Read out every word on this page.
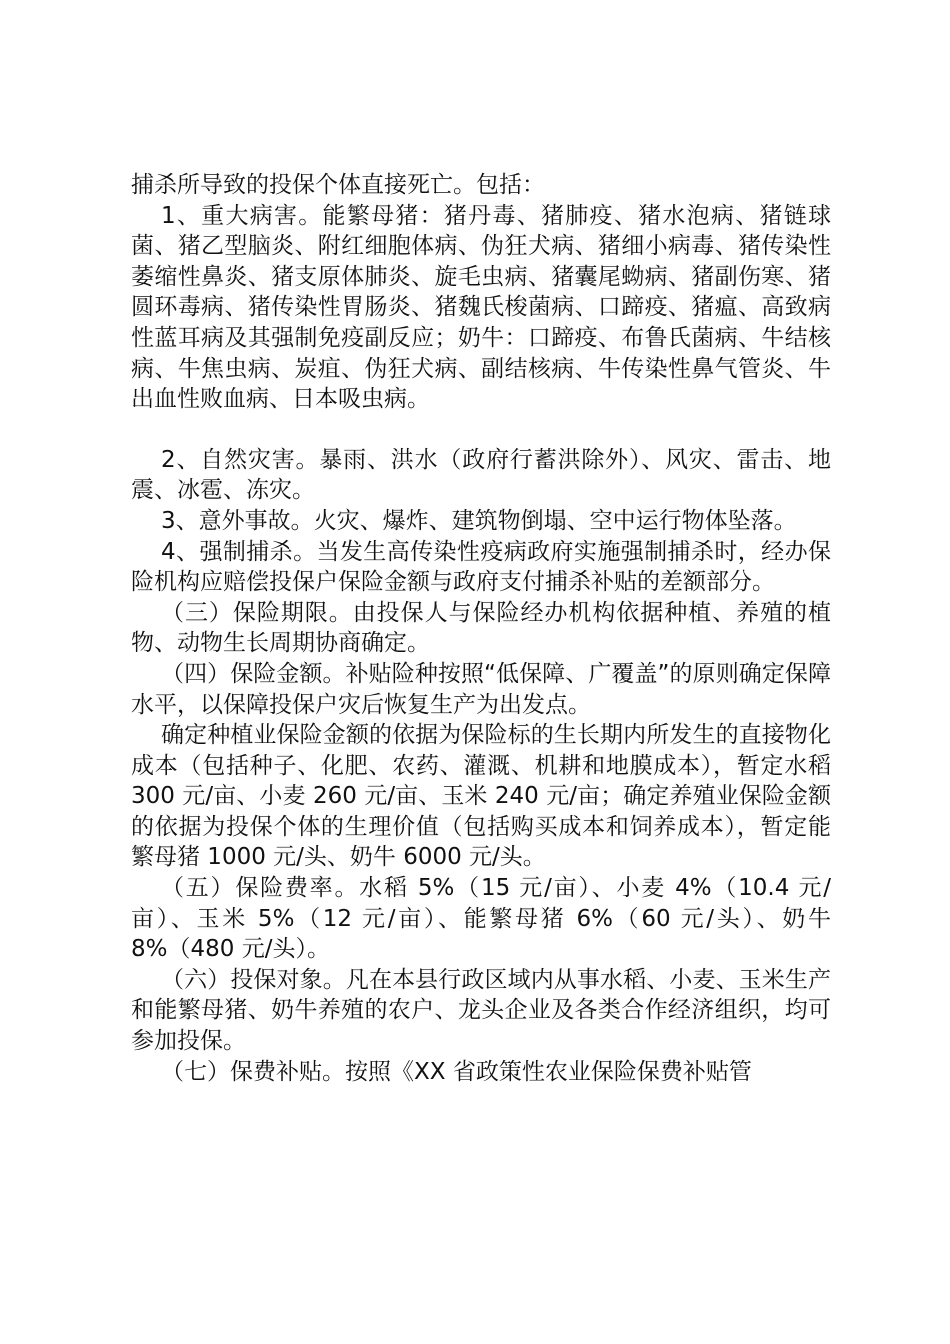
捕杀所导致的投保个体直接死亡。包括：

1、重大病害。能繁母猪：猪丹毒、猪肺疫、猪水泡病、猪链球菌、猪乙型脑炎、附红细胞体病、伪狂犬病、猪细小病毒、猪传染性萎缩性鼻炎、猪支原体肺炎、旋毛虫病、猪囊尾蚴病、猪副伤寒、猪圆环毒病、猪传染性胃肠炎、猪魏氏梭菌病、口蹄疫、猪瘟、高致病性蓝耳病及其强制免疫副反应；奶牛：口蹄疫、布鲁氏菌病、牛结核病、牛焦虫病、炭疽、伪狂犬病、副结核病、牛传染性鼻气管炎、牛出血性败血病、日本吸虫病。

2、自然灾害。暴雨、洪水（政府行蓄洪除外）、风灾、雷击、地震、冰雹、冻灾。

3、意外事故。火灾、爆炸、建筑物倒塌、空中运行物体坠落。

4、强制捕杀。当发生高传染性疫病政府实施强制捕杀时，经办保险机构应赔偿投保户保险金额与政府支付捕杀补贴的差额部分。

（三）保险期限。由投保人与保险经办机构依据种植、养殖的植物、动物生长周期协商确定。

（四）保险金额。补贴险种按照“低保障、广覆盖”的原则确定保障水平，以保障投保户灾后恢复生产为出发点。

确定种植业保险金额的依据为保险标的生长期内所发生的直接物化成本（包括种子、化肥、农药、灌溉、机耕和地膜成本），暂定水稻 300 元/亩、小麦 260 元/亩、玉米 240 元/亩；确定养殖业保险金额的依据为投保个体的生理价值（包括购买成本和饲养成本），暂定能繁母猪 1000 元/头、奶牛 6000 元/头。

（五）保险费率。水稻 5%（15 元/亩）、小麦 4%（10.4 元/亩）、玉米 5%（12 元/亩）、能繁母猪 6%（60 元/头）、奶牛 8%（480 元/头）。

（六）投保对象。凡在本县行政区域内从事水稻、小麦、玉米生产和能繁母猪、奶牛养殖的农户、龙头企业及各类合作经济组织，均可参加投保。

（七）保费补贴。按照《XX 省政策性农业保险保费补贴管
